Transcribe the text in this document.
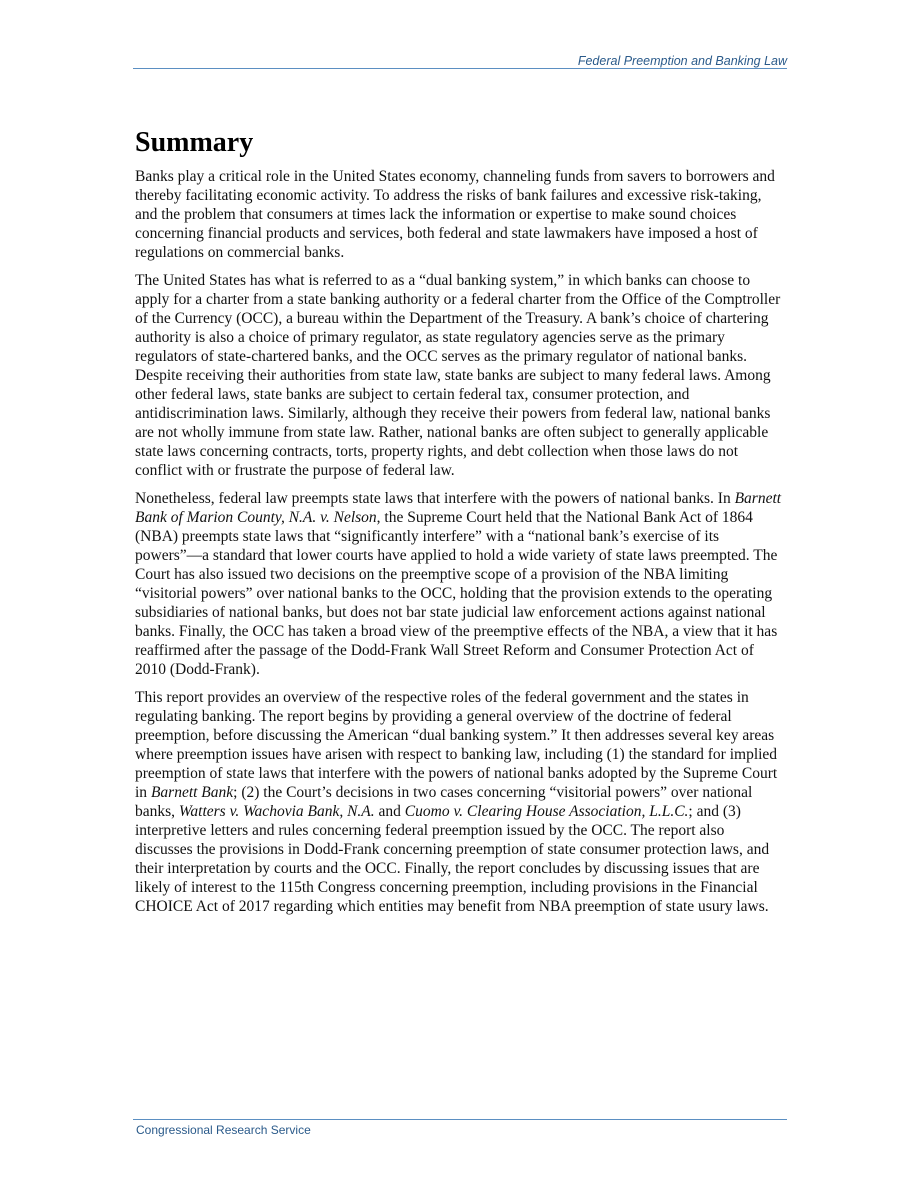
Federal Preemption and Banking Law
Summary

Banks play a critical role in the United States economy, channeling funds from savers to borrowers and thereby facilitating economic activity. To address the risks of bank failures and excessive risk-taking, and the problem that consumers at times lack the information or expertise to make sound choices concerning financial products and services, both federal and state lawmakers have imposed a host of regulations on commercial banks.

The United States has what is referred to as a “dual banking system,” in which banks can choose to apply for a charter from a state banking authority or a federal charter from the Office of the Comptroller of the Currency (OCC), a bureau within the Department of the Treasury. A bank’s choice of chartering authority is also a choice of primary regulator, as state regulatory agencies serve as the primary regulators of state-chartered banks, and the OCC serves as the primary regulator of national banks. Despite receiving their authorities from state law, state banks are subject to many federal laws. Among other federal laws, state banks are subject to certain federal tax, consumer protection, and antidiscrimination laws. Similarly, although they receive their powers from federal law, national banks are not wholly immune from state law. Rather, national banks are often subject to generally applicable state laws concerning contracts, torts, property rights, and debt collection when those laws do not conflict with or frustrate the purpose of federal law.

Nonetheless, federal law preempts state laws that interfere with the powers of national banks. In Barnett Bank of Marion County, N.A. v. Nelson, the Supreme Court held that the National Bank Act of 1864 (NBA) preempts state laws that “significantly interfere” with a “national bank’s exercise of its powers”—a standard that lower courts have applied to hold a wide variety of state laws preempted. The Court has also issued two decisions on the preemptive scope of a provision of the NBA limiting “visitorial powers” over national banks to the OCC, holding that the provision extends to the operating subsidiaries of national banks, but does not bar state judicial law enforcement actions against national banks. Finally, the OCC has taken a broad view of the preemptive effects of the NBA, a view that it has reaffirmed after the passage of the Dodd-Frank Wall Street Reform and Consumer Protection Act of 2010 (Dodd-Frank).

This report provides an overview of the respective roles of the federal government and the states in regulating banking. The report begins by providing a general overview of the doctrine of federal preemption, before discussing the American “dual banking system.” It then addresses several key areas where preemption issues have arisen with respect to banking law, including (1) the standard for implied preemption of state laws that interfere with the powers of national banks adopted by the Supreme Court in Barnett Bank; (2) the Court’s decisions in two cases concerning “visitorial powers” over national banks, Watters v. Wachovia Bank, N.A. and Cuomo v. Clearing House Association, L.L.C.; and (3) interpretive letters and rules concerning federal preemption issued by the OCC. The report also discusses the provisions in Dodd-Frank concerning preemption of state consumer protection laws, and their interpretation by courts and the OCC. Finally, the report concludes by discussing issues that are likely of interest to the 115th Congress concerning preemption, including provisions in the Financial CHOICE Act of 2017 regarding which entities may benefit from NBA preemption of state usury laws.

Congressional Research Service
